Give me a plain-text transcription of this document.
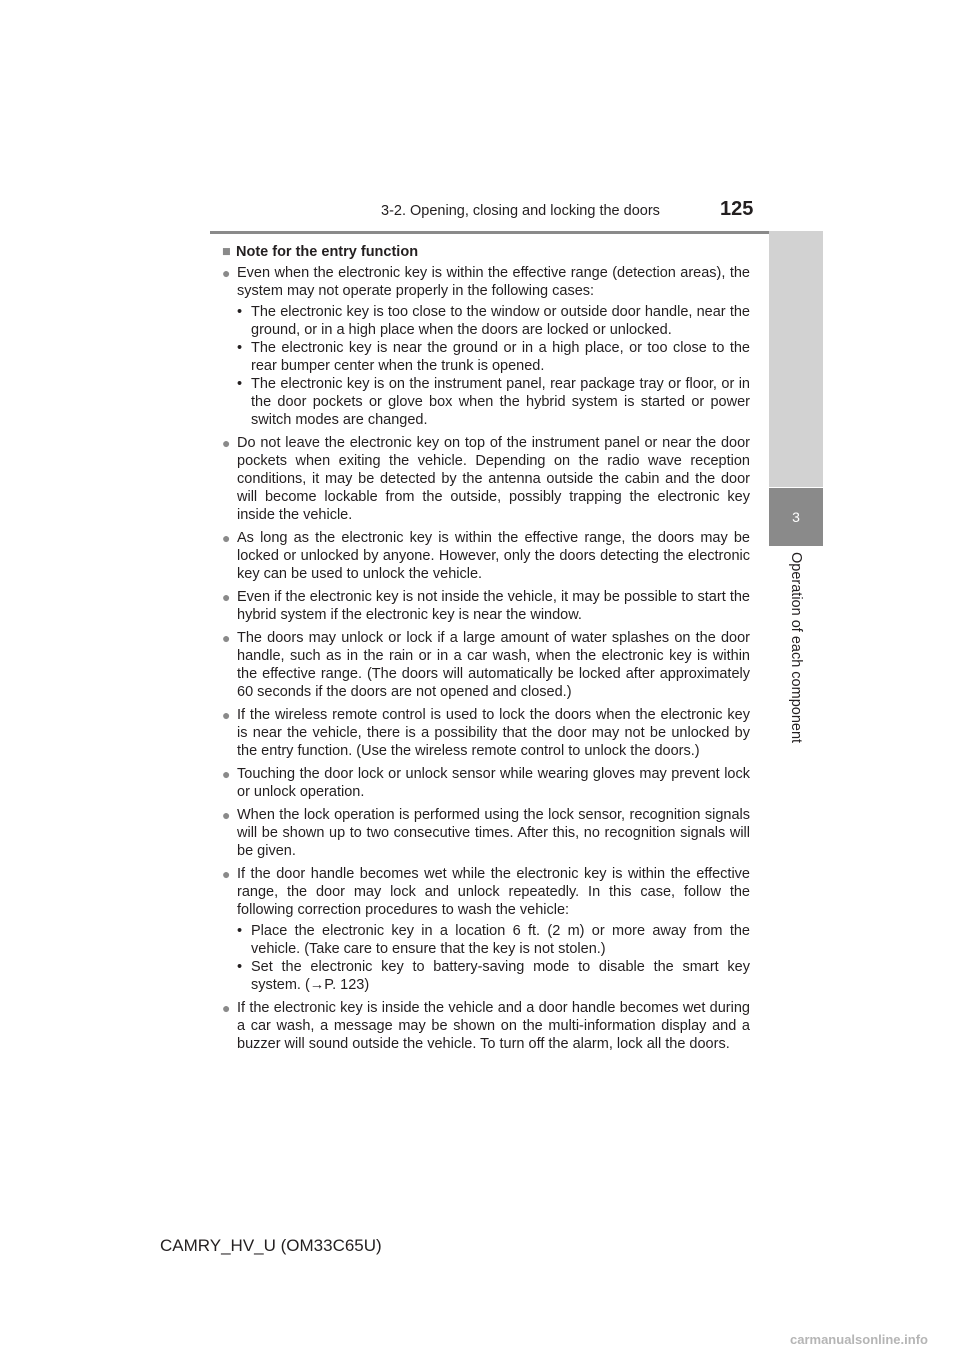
3-2. Opening, closing and locking the doors	125
3
Operation of each component
■ Note for the entry function
● Even when the electronic key is within the effective range (detection areas), the system may not operate properly in the following cases:
• The electronic key is too close to the window or outside door handle, near the ground, or in a high place when the doors are locked or unlocked.
• The electronic key is near the ground or in a high place, or too close to the rear bumper center when the trunk is opened.
• The electronic key is on the instrument panel, rear package tray or floor, or in the door pockets or glove box when the hybrid system is started or power switch modes are changed.
● Do not leave the electronic key on top of the instrument panel or near the door pockets when exiting the vehicle. Depending on the radio wave reception conditions, it may be detected by the antenna outside the cabin and the door will become lockable from the outside, possibly trapping the electronic key inside the vehicle.
● As long as the electronic key is within the effective range, the doors may be locked or unlocked by anyone. However, only the doors detecting the electronic key can be used to unlock the vehicle.
● Even if the electronic key is not inside the vehicle, it may be possible to start the hybrid system if the electronic key is near the window.
● The doors may unlock or lock if a large amount of water splashes on the door handle, such as in the rain or in a car wash, when the electronic key is within the effective range. (The doors will automatically be locked after approximately 60 seconds if the doors are not opened and closed.)
● If the wireless remote control is used to lock the doors when the electronic key is near the vehicle, there is a possibility that the door may not be unlocked by the entry function. (Use the wireless remote control to unlock the doors.)
● Touching the door lock or unlock sensor while wearing gloves may prevent lock or unlock operation.
● When the lock operation is performed using the lock sensor, recognition signals will be shown up to two consecutive times. After this, no recognition signals will be given.
● If the door handle becomes wet while the electronic key is within the effective range, the door may lock and unlock repeatedly. In this case, follow the following correction procedures to wash the vehicle:
• Place the electronic key in a location 6 ft. (2 m) or more away from the vehicle. (Take care to ensure that the key is not stolen.)
• Set the electronic key to battery-saving mode to disable the smart key system. (→P. 123)
● If the electronic key is inside the vehicle and a door handle becomes wet during a car wash, a message may be shown on the multi-information display and a buzzer will sound outside the vehicle. To turn off the alarm, lock all the doors.
CAMRY_HV_U (OM33C65U)
carmanualsonline.info
